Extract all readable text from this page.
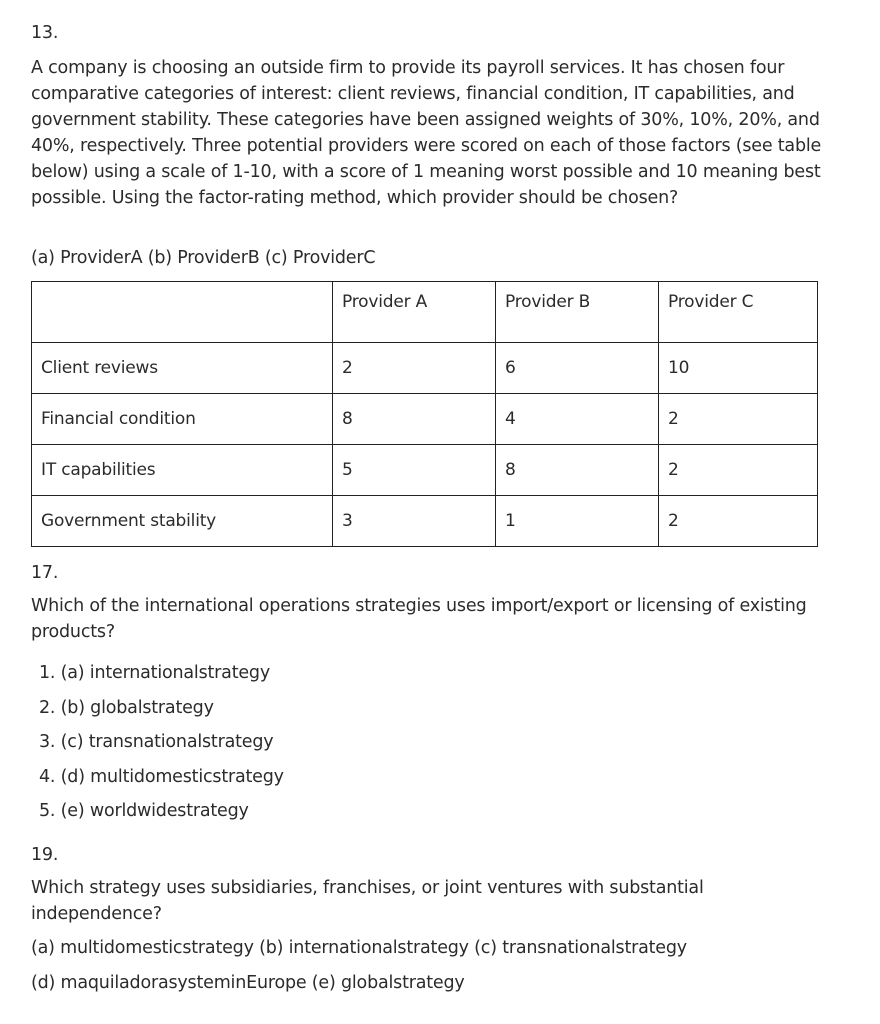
13.

A company is choosing an outside firm to provide its payroll services. It has chosen four comparative categories of interest: client reviews, financial condition, IT capabilities, and government stability. These categories have been assigned weights of 30%, 10%, 20%, and 40%, respectively. Three potential providers were scored on each of those factors (see table below) using a scale of 1-10, with a score of 1 meaning worst possible and 10 meaning best possible. Using the factor-rating method, which provider should be chosen?

(a) ProviderA (b) ProviderB (c) ProviderC
	Provider A	Provider B	Provider C
Client reviews	2	6	10
Financial condition	8	4	2
IT capabilities	5	8	2
Government stability	3	1	2
17.

Which of the international operations strategies uses import/export or licensing of existing products?

1. (a) internationalstrategy
2. (b) globalstrategy
3. (c) transnationalstrategy
4. (d) multidomesticstrategy
5. (e) worldwidestrategy
19.

Which strategy uses subsidiaries, franchises, or joint ventures with substantial independence?

(a) multidomesticstrategy (b) internationalstrategy (c) transnationalstrategy
(d) maquiladorasysteminEurope (e) globalstrategy
